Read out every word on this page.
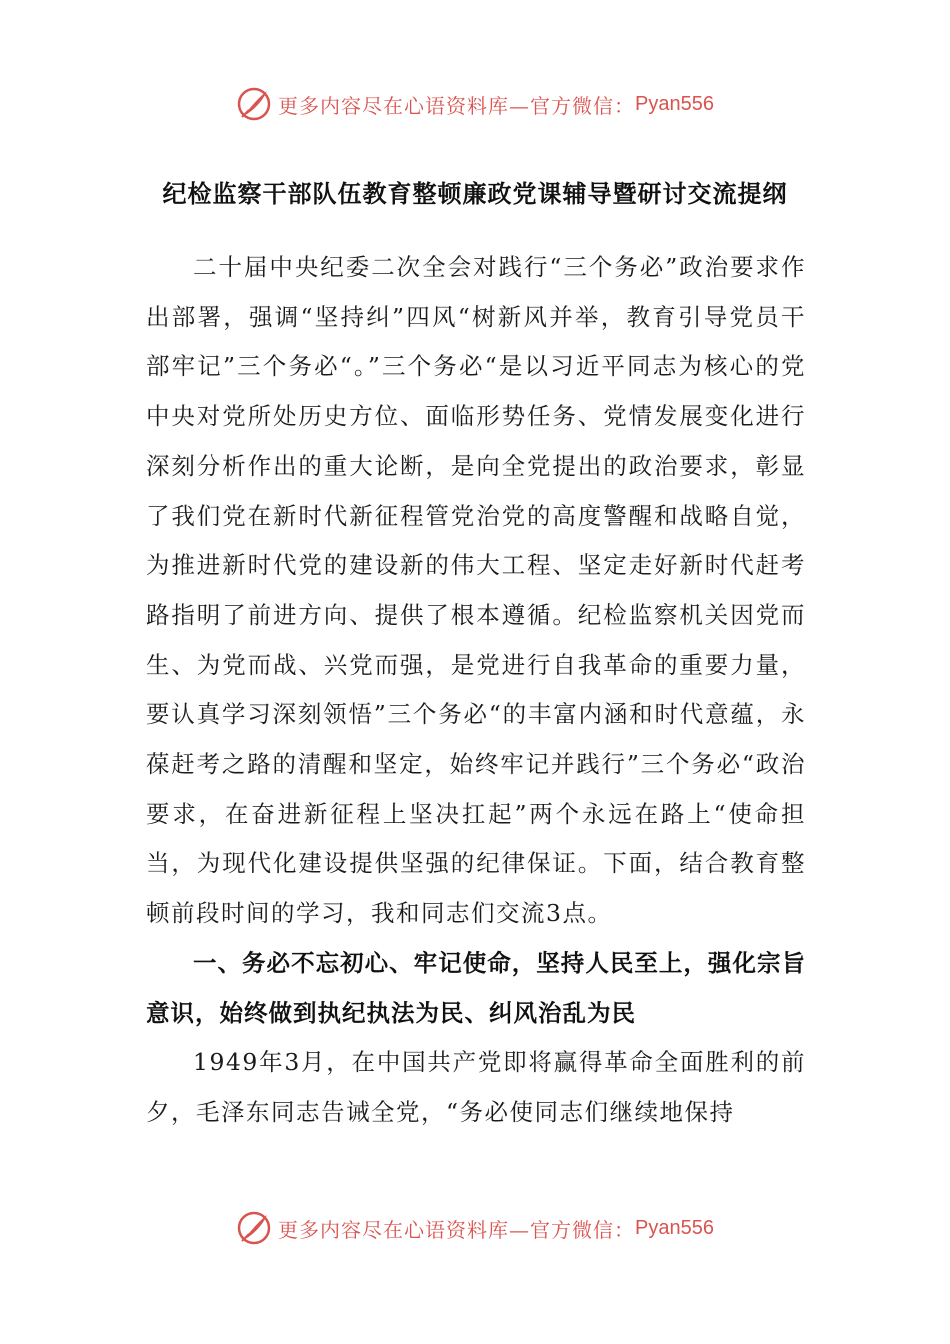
更多内容尽在心语资料库—官方微信： Pyan556
纪检监察干部队伍教育整顿廉政党课辅导暨研讨交流提纲

二十届中央纪委二次全会对践行“三个务必”政治要求作出部署，强调“坚持纠”四风“树新风并举，教育引导党员干部牢记”三个务必“。”三个务必“是以习近平同志为核心的党中央对党所处历史方位、面临形势任务、党情发展变化进行深刻分析作出的重大论断，是向全党提出的政治要求，彰显了我们党在新时代新征程管党治党的高度警醒和战略自觉，为推进新时代党的建设新的伟大工程、坚定走好新时代赶考路指明了前进方向、提供了根本遵循。纪检监察机关因党而生、为党而战、兴党而强，是党进行自我革命的重要力量，要认真学习深刻领悟”三个务必“的丰富内涵和时代意蕴，永葆赶考之路的清醒和坚定，始终牢记并践行”三个务必“政治要求，在奋进新征程上坚决扛起”两个永远在路上“使命担当，为现代化建设提供坚强的纪律保证。下面，结合教育整顿前段时间的学习，我和同志们交流3点。

一、务必不忘初心、牢记使命，坚持人民至上，强化宗旨意识，始终做到执纪执法为民、纠风治乱为民

1949年3月，在中国共产党即将赢得革命全面胜利的前夕，毛泽东同志告诫全党，“务必使同志们继续地保持

更多内容尽在心语资料库—官方微信： Pyan556
